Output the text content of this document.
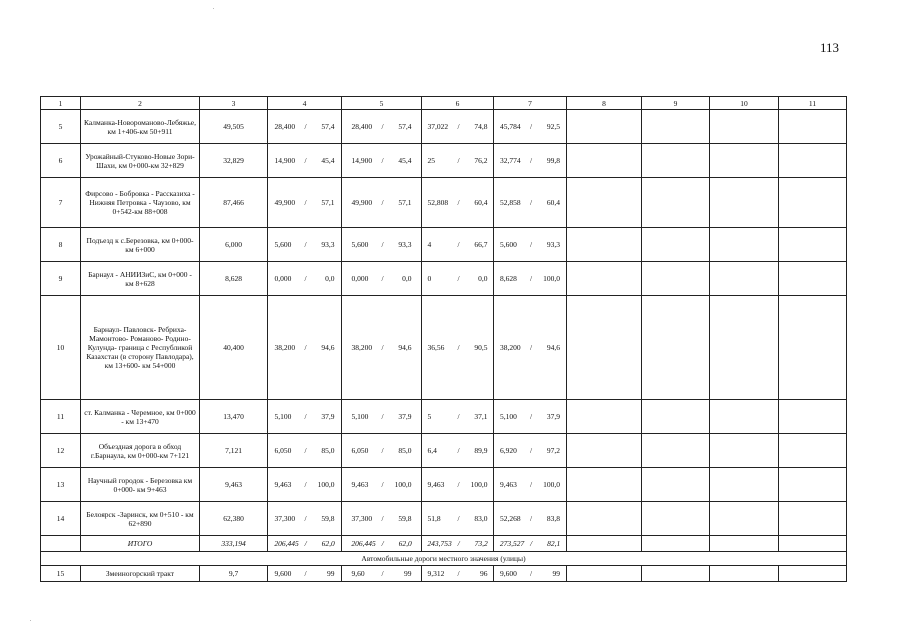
113
1	2	3	4	5	6	7	8	9	10	11
5	Калманка-Новоромановo-Лебяжье, км 1+406-км 50+911	49,505	28,400 / 57,4	28,400 / 57,4	37,022 / 74,8	45,784 / 92,5				
6	Урожайный-Стуково-Новые Зори-Шахи, км 0+000-км 32+829	32,829	14,900 / 45,4	14,900 / 45,4	25 / 76,2	32,774 / 99,8				
7	Фирсово - Бобровка - Рассказиха - Нижняя Петровка - Чаузово, км 0+542-км 88+008	87,466	49,900 / 57,1	49,900 / 57,1	52,808 / 60,4	52,858 / 60,4				
8	Подъезд к с.Березовка, км 0+000-км 6+000	6,000	5,600 / 93,3	5,600 / 93,3	4 / 66,7	5,600 / 93,3				
9	Барнаул - АНИИЗиС, км 0+000 - км 8+628	8,628	0,000 / 0,0	0,000 / 0,0	0 / 0,0	8,628 / 100,0				
10	Барнаул- Павловск- Ребриха-Мамонтово- Романово- Родино- Кулунда- граница с Республикой Казахстан (в сторону Павлодара), км 13+600- км 54+000	40,400	38,200 / 94,6	38,200 / 94,6	36,56 / 90,5	38,200 / 94,6				
11	ст. Калманка - Черемное, км 0+000 - км 13+470	13,470	5,100 / 37,9	5,100 / 37,9	5 / 37,1	5,100 / 37,9				
12	Объездная дорога в обход г.Барнаула, км 0+000-км 7+121	7,121	6,050 / 85,0	6,050 / 85,0	6,4 / 89,9	6,920 / 97,2				
13	Научный городок - Березовка км 0+000- км 9+463	9,463	9,463 / 100,0	9,463 / 100,0	9,463 / 100,0	9,463 / 100,0				
14	Белоярск -Заринск, км 0+510 - км 62+890	62,380	37,300 / 59,8	37,300 / 59,8	51,8 / 83,0	52,268 / 83,8				
	ИТОГО	333,194	206,445 / 62,0	206,445 / 62,0	243,753 / 73,2	273,527 / 82,1				
Автомобильные дороги местного значения (улицы)										
15	Змеиногорский тракт	9,7	9,600 / 99	9,60 / 99	9,312 / 96	9,600 / 99				
